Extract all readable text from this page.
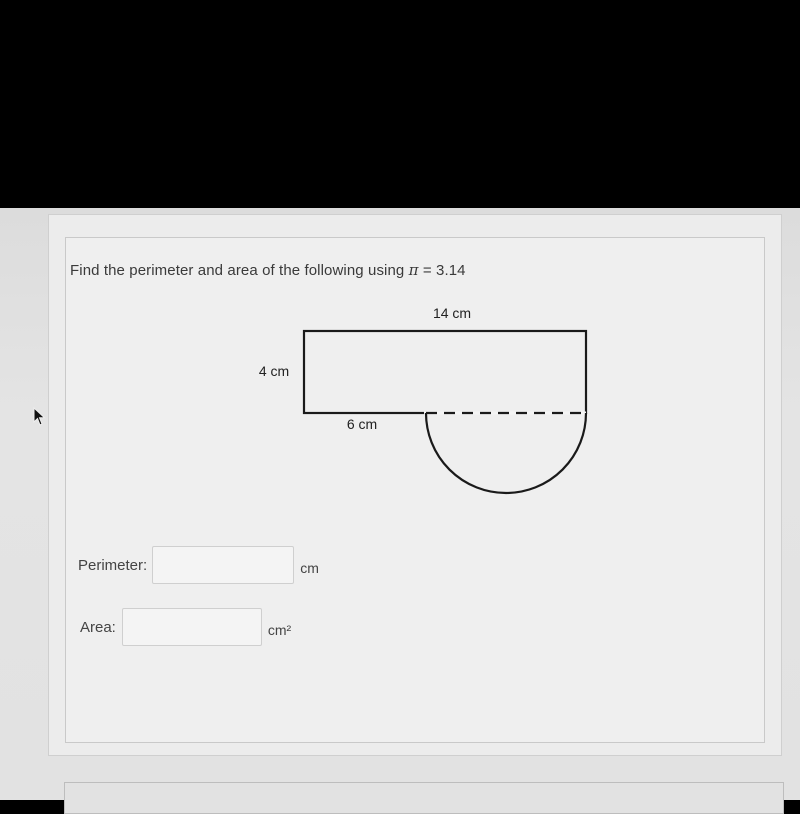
Find the perimeter and area of the following using π = 3.14
14 cm
4 cm
6 cm
Perimeter:	cm
Area:	cm²
